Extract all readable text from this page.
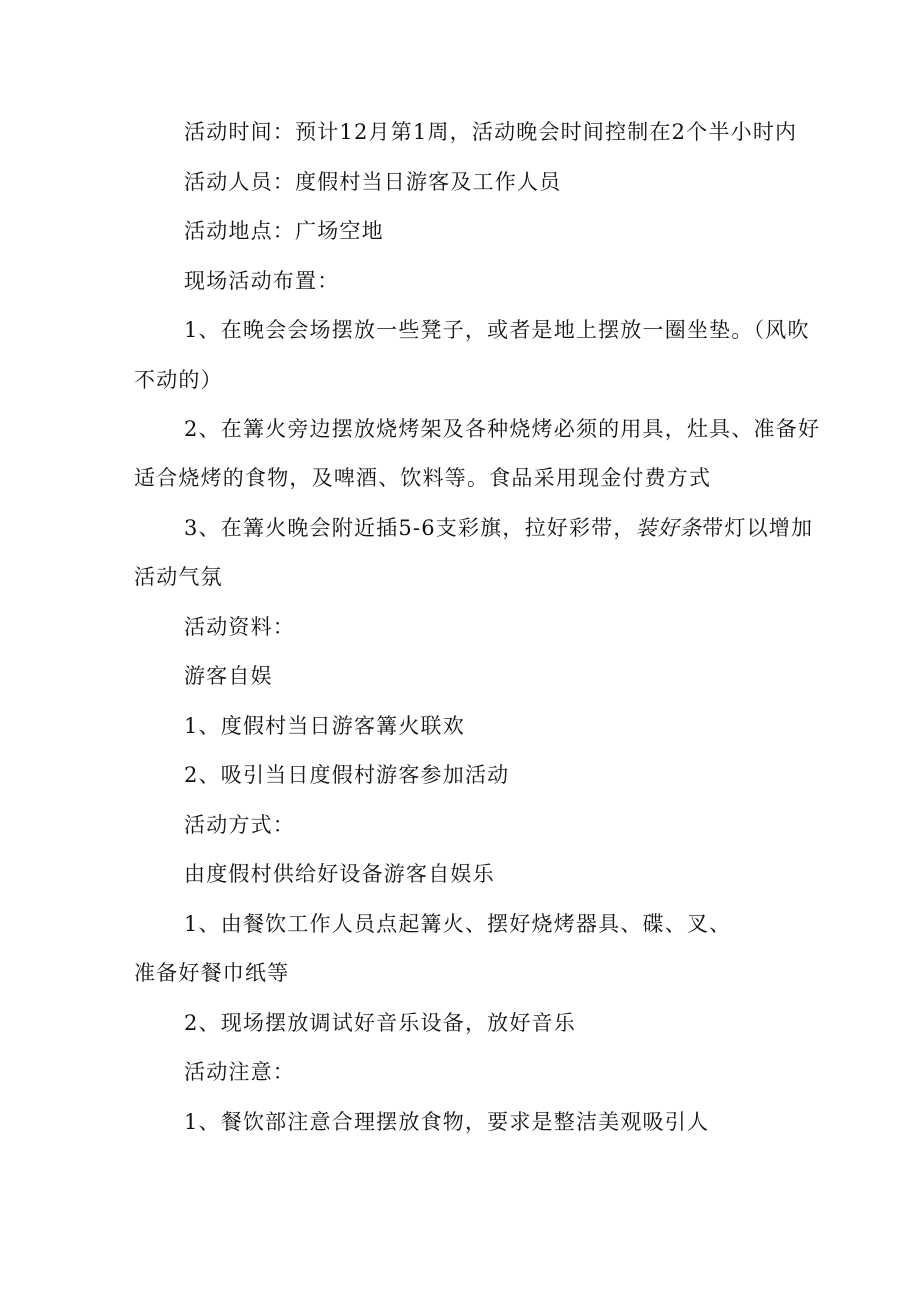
活动时间：预计12月第1周，活动晚会时间控制在2个半小时内
活动人员：度假村当日游客及工作人员
活动地点：广场空地
现场活动布置：
1、在晚会会场摆放一些凳子，或者是地上摆放一圈坐垫。（风吹
不动的）
2、在篝火旁边摆放烧烤架及各种烧烤必须的用具，灶具、准备好
适合烧烤的食物，及啤酒、饮料等。食品采用现金付费方式
3、在篝火晚会附近插5-6支彩旗，拉好彩带，装好条带灯以增加
活动气氛
活动资料：
游客自娱
1、度假村当日游客篝火联欢
2、吸引当日度假村游客参加活动
活动方式：
由度假村供给好设备游客自娱乐
1、由餐饮工作人员点起篝火、摆好烧烤器具、碟、叉、
准备好餐巾纸等
2、现场摆放调试好音乐设备，放好音乐
活动注意：
1、餐饮部注意合理摆放食物，要求是整洁美观吸引人
